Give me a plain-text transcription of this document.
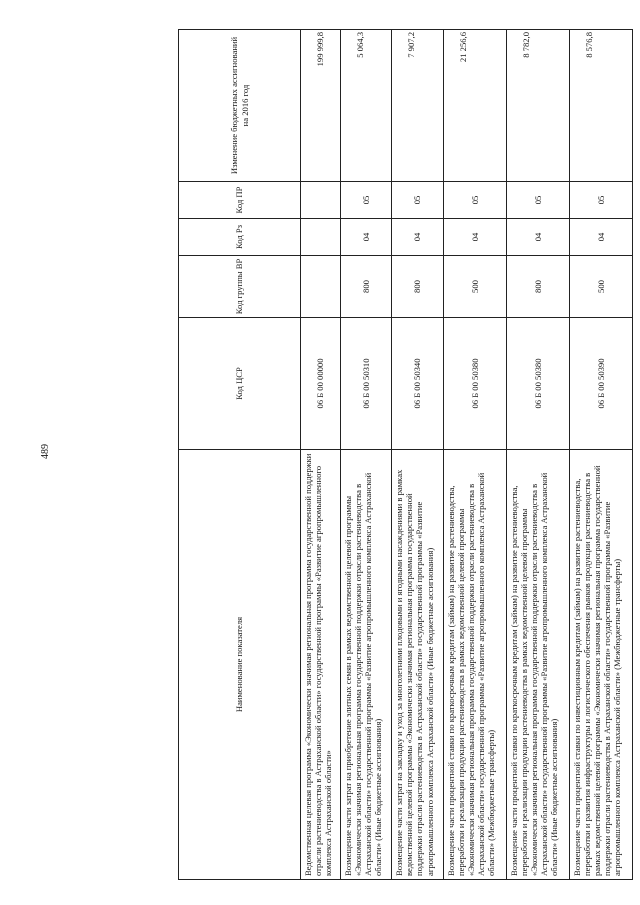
489
Наименование показателя	Код ЦСР	Код группы ВР	Код Рз	Код ПР	Изменение бюджетных ассигнований на 2016 год
Ведомственная целевая программа «Экономически значимая региональная программа государственной поддержки отрасли растениеводства в Астраханской области» государственной программы «Развитие агропромышленного комплекса Астраханской области»	06 Б 00 00000				199 999,8
Возмещение части затрат на приобретение элитных семян в рамках ведомственной целевой программы «Экономически значимая региональная программа государственной поддержки отрасли растениеводства в Астраханской области» государственной программы «Развитие агропромышленного комплекса Астраханской области» (Иные бюджетные ассигнования)	06 Б 00 50310	800	04	05	5 064,3
Возмещение части затрат на закладку и уход за многолетними плодовыми и ягодными насаждениями в рамках ведомственной целевой программы «Экономически значимая региональная программа государственной поддержки отрасли растениеводства в Астраханской области» государственной программы «Развитие агропромышленного комплекса Астраханской области» (Иные бюджетные ассигнования)	06 Б 00 50340	800	04	05	7 907,2
Возмещение части процентной ставки по краткосрочным кредитам (займам) на развитие растениеводства, переработки и реализации продукции растениеводства в рамках ведомственной целевой программы «Экономически значимая региональная программа государственной поддержки отрасли растениеводства в Астраханской области» государственной программы «Развитие агропромышленного комплекса Астраханской области» (Межбюджетные трансферты)	06 Б 00 50380	500	04	05	21 256,6
Возмещение части процентной ставки по краткосрочным кредитам (займам) на развитие растениеводства, переработки и реализации продукции растениеводства в рамках ведомственной целевой программы «Экономически значимая региональная программа государственной поддержки отрасли растениеводства в Астраханской области» государственной программы «Развитие агропромышленного комплекса Астраханской области» (Иные бюджетные ассигнования)	06 Б 00 50380	800	04	05	8 782,0
Возмещение части процентной ставки по инвестиционным кредитам (займам) на развитие растениеводства, переработки и развития инфраструктуры и логистического обеспечения рынков продукции растениеводства в рамках ведомственной целевой программы «Экономически значимая региональная программа государственной поддержки отрасли растениеводства в Астраханской области» государственной программы «Развитие агропромышленного комплекса Астраханской области» (Межбюджетные трансферты)	06 Б 00 50390	500	04	05	8 576,8
